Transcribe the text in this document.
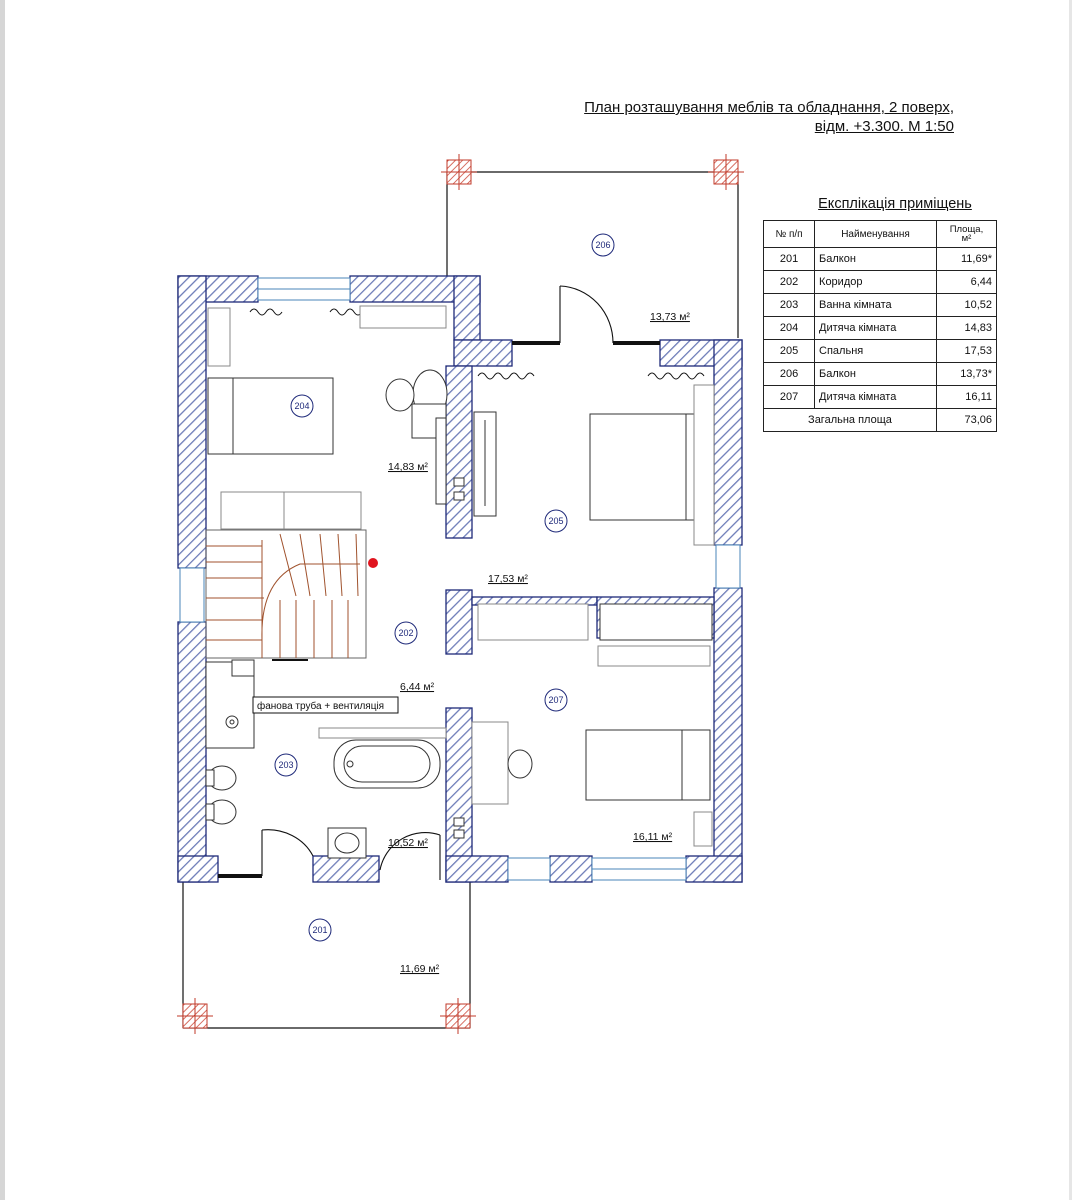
План розташування меблів та обладнання, 2 поверх,
відм. +3.300. М 1:50
206
204
205
202
207
203
201
13,73 м²
14,83 м²
17,53 м²
6,44 м²
10,52 м²	16,11 м²
11,69 м²
фанова труба + вентиляція
Експлікація приміщень
№ п/п	Найменування	Площа,
м²

201	Балкон	11,69*
202	Коридор	6,44
203	Ванна кімната	10,52
204	Дитяча кімната	14,83
205	Спальня	17,53
206	Балкон	13,73*
207	Дитяча кімната	16,11
Загальна площа		73,06
